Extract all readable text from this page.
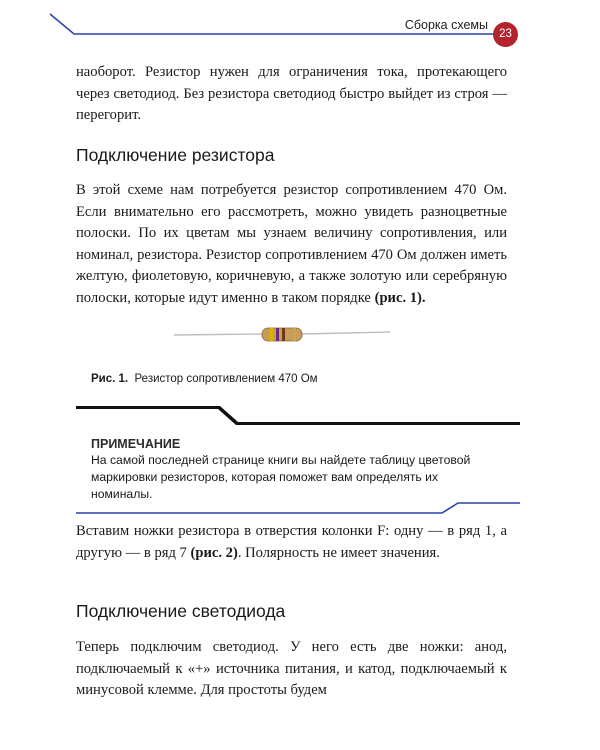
Сборка схемы
23

наоборот. Резистор нужен для ограничения тока, протекающего через светодиод. Без резистора светодиод быстро выйдет из строя — перегорит.

Подключение резистора

В этой схеме нам потребуется резистор сопротивлением 470 Ом. Если внимательно его рассмотреть, можно увидеть разноцветные полоски. По их цветам мы узнаем величину сопротивления, или номинал, резистора. Резистор сопротивлением 470 Ом должен иметь желтую, фиолетовую, коричневую, а также золотую или серебряную полоски, которые идут именно в таком порядке (рис. 1).

Рис. 1. Резистор сопротивлением 470 Ом
ПРИМЕЧАНИЕ

На самой последней странице книги вы найдете таблицу цветовой маркировки резисторов, которая поможет вам определять их номиналы.

Вставим ножки резистора в отверстия колонки F: одну — в ряд 1, а другую — в ряд 7 (рис. 2). Полярность не имеет значения.

Подключение светодиода

Теперь подключим светодиод. У него есть две ножки: анод, подключаемый к «+» источника питания, и катод, подключаемый к минусовой клемме. Для простоты будем
